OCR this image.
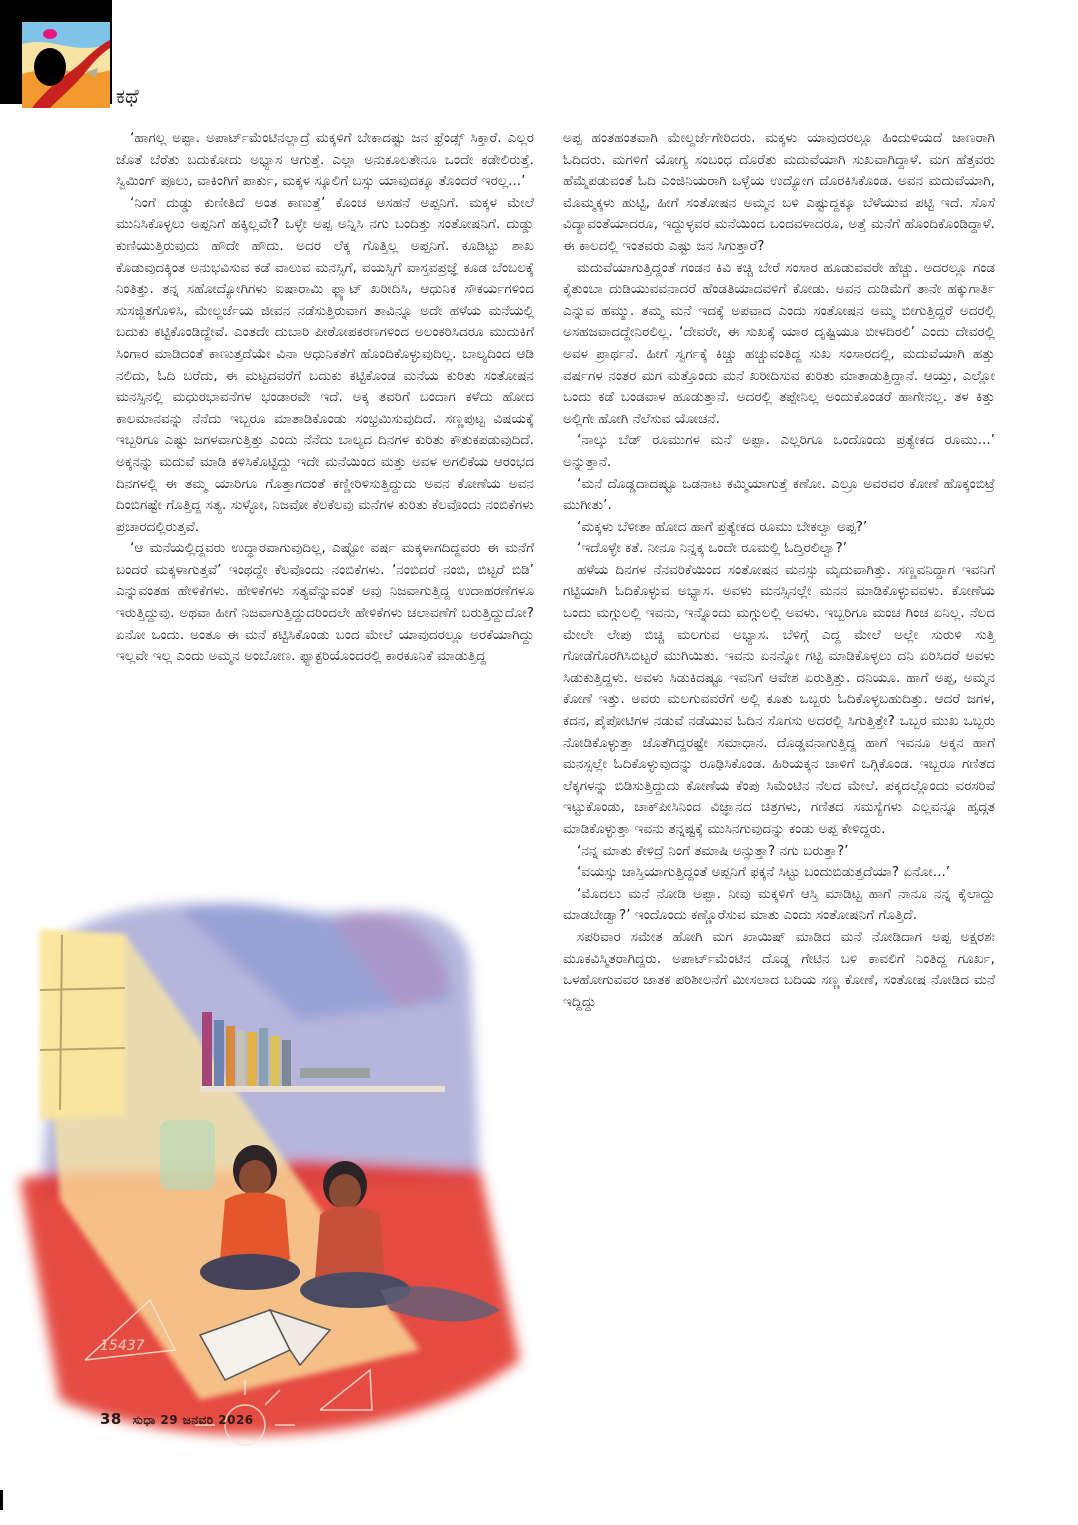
ಕಥೆ

‘ಹಾಗಲ್ಲ ಅಪ್ಪಾ. ಅಪಾರ್ಟ್‌ಮೆಂಟಿನಲ್ಲಾದ್ರೆ ಮಕ್ಕಳಿಗೆ ಬೇಕಾದಷ್ಟು ಜನ ಫ್ರೆಂಡ್ಸ್ ಸಿಕ್ತಾರೆ. ಎಲ್ಲರ ಜೊತೆ ಬೆರೆತು ಬದುಕೋದು ಅಭ್ಯಾಸ ಆಗುತ್ತೆ. ಎಲ್ಲಾ ಅನುಕೂಲತೇನೂ ಒಂದೇ ಕಡೇಲಿರುತ್ತೆ. ಸ್ವಿಮಿಂಗ್ ಪೂಲು, ವಾಕಿಂಗಿಗೆ ಪಾರ್ಕು, ಮಕ್ಕಳ ಸ್ಕೂಲಿಗೆ ಬಸ್ಸು ಯಾವುದಕ್ಕೂ ತೊಂದರೆ ಇರಲ್ಲ...’

‘ನಿಂಗೆ ದುಡ್ಡು ಕುಣೀತಿದೆ ಅಂತ ಕಾಣುತ್ತೆ’ ಕೊಂಚ ಅಸಹನೆ ಅಪ್ಪನಿಗೆ. ಮಕ್ಕಳ ಮೇಲೆ ಮುನಿಸಿಕೊಳ್ಳಲು ಅಪ್ಪನಿಗೆ ಹಕ್ಕಿಲ್ಲವೇ? ಒಳ್ಳೇ ಅಪ್ಪ ಅನ್ನಿಸಿ ನಗು ಬಂದಿತ್ತು ಸಂತೋಷನಿಗೆ. ದುಡ್ಡು ಕುಣಿಯುತ್ತಿರುವುದು ಹೌದೇ ಹೌದು. ಅದರ ಲೆಕ್ಕ ಗೊತ್ತಿಲ್ಲ ಅಪ್ಪನಿಗೆ. ಕೂಡಿಟ್ಟು ಶಾಖ ಕೊಡುವುದಕ್ಕಿಂತ ಅನುಭವಿಸುವ ಕಡೆ ವಾಲುವ ಮನಸ್ಸಿಗೆ, ವಯಸ್ಸಿಗೆ ವಾಸ್ತವಪ್ರಜ್ಞೆ ಕೂಡ ಬೆಂಬಲಕ್ಕೆ ನಿಂತಿತ್ತು. ತನ್ನ ಸಹೋದ್ಯೋಗಿಗಳು ಐಷಾರಾಮಿ ಫ್ಲ್ಯಾಟ್ ಖರೀದಿಸಿ, ಆಧುನಿಕ ಸೌಕರ್ಯಗಳಿಂದ ಸುಸಜ್ಜಿತಗೊಳಿಸಿ, ಮೇಲ್ದರ್ಜೆಯ ಜೀವನ ನಡೆಸುತ್ತಿರುವಾಗ ತಾವಿನ್ನೂ ಅದೇ ಹಳೆಯ ಮನೆಯಲ್ಲಿ ಬದುಕು ಕಟ್ಟಿಕೊಂಡಿದ್ದೇವೆ. ಎಂತದೇ ದುಬಾರಿ ಪೀಠೋಪಕರಣಗಳಿಂದ ಅಲಂಕರಿಸಿದರೂ ಮುದುಕಿಗೆ ಸಿಂಗಾರ ಮಾಡಿದಂತೆ ಕಾಣುತ್ತದೆಯೇ ವಿನಾ ಆಧುನಿಕತೆಗೆ ಹೊಂದಿಕೊಳ್ಳುವುದಿಲ್ಲ. ಬಾಲ್ಯದಿಂದ ಆಡಿ ನಲಿದು, ಓದಿ ಬರೆದು, ಈ ಮಟ್ಟದವರೆಗೆ ಬದುಕು ಕಟ್ಟಿಕೊಂಡ ಮನೆಯ ಕುರಿತು ಸಂತೋಷನ ಮನಸ್ಸಿನಲ್ಲಿ ಮಧುರಭಾವನೆಗಳ ಭಂಡಾರವೇ ಇದೆ. ಅಕ್ಕ ತವರಿಗೆ ಬಂದಾಗ ಕಳೆದು ಹೋದ ಕಾಲಮಾನವನ್ನು ನೆನೆದು ಇಬ್ಬರೂ ಮಾತಾಡಿಕೊಂಡು ಸಂಭ್ರಮಿಸುವುದಿದೆ. ಸಣ್ಣಪುಟ್ಟ ವಿಷಯಕ್ಕೆ ಇಬ್ಬರಿಗೂ ಎಷ್ಟು ಜಗಳವಾಗುತ್ತಿತ್ತು ಎಂದು ನೆನೆದು ಬಾಲ್ಯದ ದಿನಗಳ ಕುರಿತು ಕೌತುಕಪಡುವುದಿದೆ. ಅಕ್ಕನನ್ನು ಮದುವೆ ಮಾಡಿ ಕಳಿಸಿಕೊಟ್ಟಿದ್ದು ಇದೇ ಮನೆಯಿಂದ ಮತ್ತು ಅವಳ ಅಗಲಿಕೆಯ ಆರಂಭದ ದಿನಗಳಲ್ಲಿ ಈ ತಮ್ಮ ಯಾರಿಗೂ ಗೊತ್ತಾಗದಂತೆ ಕಣ್ಣೀರಿಳಿಸುತ್ತಿದ್ದುದು ಅವನ ಕೋಣೆಯ ಅವನ ದಿಂಬಿಗಷ್ಟೇ ಗೊತ್ತಿದ್ದ ಸತ್ಯ. ಸುಳ್ಳೋ, ನಿಜವೋ ಕೆಲಕೆಲವು ಮನೆಗಳ ಕುರಿತು ಕೆಲವೊಂದು ನಂಬಿಕೆಗಳು ಪ್ರಚಾರದಲ್ಲಿರುತ್ತವೆ.

‘ಆ ಮನೆಯಲ್ಲಿದ್ದವರು ಉದ್ಧಾರವಾಗುವುದಿಲ್ಲ, ಎಷ್ಟೋ ವರ್ಷ ಮಕ್ಕಳಾಗದಿದ್ದವರು ಈ ಮನೆಗೆ ಬಂದರೆ ಮಕ್ಕಳಾಗುತ್ತವೆ’ ಇಂಥದ್ದೇ ಕೆಲವೊಂದು ನಂಬಿಕೆಗಳು. ‘ನಂಬಿದರೆ ನಂಬಿ, ಬಿಟ್ಟರೆ ಬಿಡಿ’ ಎನ್ನುವಂತಹ ಹೇಳಿಕೆಗಳು. ಹೇಳಿಕೆಗಳು ಸತ್ಯವೆನ್ನುವಂತೆ ಅವು ನಿಜವಾಗುತ್ತಿದ್ದ ಉದಾಹರಣೆಗಳೂ ಇರುತ್ತಿದ್ದುವು. ಅಥವಾ ಹೀಗೆ ನಿಜವಾಗುತ್ತಿದ್ದುದರಿಂದಲೇ ಹೇಳಿಕೆಗಳು ಚಲಾವಣೆಗೆ ಬರುತ್ತಿದ್ದುದೋ? ಏನೋ ಒಂದು. ಅಂತೂ ಈ ಮನೆ ಕಟ್ಟಿಸಿಕೊಂಡು ಬಂದ ಮೇಲೆ ಯಾವುದರಲ್ಲೂ ಅರಕೆಯಾಗಿದ್ದು ಇಲ್ಲವೇ ಇಲ್ಲ ಎಂದು ಅಮ್ಮನ ಅಂಬೋಣ. ಫ್ಯಾಕ್ಟರಿಯೊಂದರಲ್ಲಿ ಕಾರಕೂನಿಕೆ ಮಾಡುತ್ತಿದ್ದ

ಅಪ್ಪ ಹಂತಹಂತವಾಗಿ ಮೇಲ್ದರ್ಜೆಗೇರಿದರು. ಮಕ್ಕಳು ಯಾವುದರಲ್ಲೂ ಹಿಂದುಳಿಯದೆ ಜಾಣರಾಗಿ ಓದಿದರು. ಮಗಳಿಗೆ ಯೋಗ್ಯ ಸಂಬಂಧ ದೊರೆತು ಮದುವೆಯಾಗಿ ಸುಖವಾಗಿದ್ದಾಳೆ. ಮಗ ಹೆತ್ತವರು ಹೆಮ್ಮೆಪಡುವಂತೆ ಓದಿ ಎಂಜಿನಿಯರಾಗಿ ಒಳ್ಳೆಯ ಉದ್ಯೋಗ ದೊರಕಿಸಿಕೊಂಡ. ಅವನ ಮದುವೆಯಾಗಿ, ಮೊಮ್ಮಕ್ಕಳು ಹುಟ್ಟಿ, ಹೀಗೆ ಸಂತೋಷನ ಅಮ್ಮನ ಬಳಿ ಎಷ್ಟುದ್ದಕ್ಕೂ ಬೆಳೆಯುವ ಪಟ್ಟಿ ಇದೆ. ಸೊಸೆ ವಿದ್ಯಾವಂತೆಯಾದರೂ, ಇದ್ದುಳ್ಳವರ ಮನೆಯಿಂದ ಬಂದವಳಾದರೂ, ಅತ್ತೆ ಮನೆಗೆ ಹೊಂದಿಕೊಂಡಿದ್ದಾಳೆ. ಈ ಕಾಲದಲ್ಲಿ ಇಂತವರು ಎಷ್ಟು ಜನ ಸಿಗುತ್ತಾರೆ?

ಮದುವೆಯಾಗುತ್ತಿದ್ದಂತೆ ಗಂಡನ ಕಿವಿ ಕಚ್ಚಿ ಬೇರೆ ಸಂಸಾರ ಹೂಡುವವರೇ ಹೆಚ್ಚು. ಅದರಲ್ಲೂ ಗಂಡ ಕೈತುಂಬಾ ದುಡಿಯುವವನಾದರೆ ಹೆಂಡತಿಯಾದವಳಿಗೆ ಕೋಡು. ಅವನ ದುಡಿಮೆಗೆ ತಾನೇ ಹಕ್ಕುಗಾರ್ತಿ ಎನ್ನುವ ಹಮ್ಮು. ತಮ್ಮ ಮನೆ ಇದಕ್ಕೆ ಅಪವಾದ ಎಂದು ಸಂತೋಷನ ಅಮ್ಮ ಬೀಗುತ್ತಿದ್ದರೆ ಅದರಲ್ಲಿ ಅಸಹಜವಾದದ್ದೇನಿರಲಿಲ್ಲ. ‘ದೇವರೇ, ಈ ಸುಖಕ್ಕೆ ಯಾರ ದೃಷ್ಟಿಯೂ ಬೀಳದಿರಲಿ’ ಎಂದು ದೇವರಲ್ಲಿ ಅವಳ ಪ್ರಾರ್ಥನೆ. ಹೀಗೆ ಸ್ವರ್ಗಕ್ಕೆ ಕಿಚ್ಚು ಹಚ್ಚುವಂತಿದ್ದ ಸುಖ ಸಂಸಾರದಲ್ಲಿ, ಮದುವೆಯಾಗಿ ಹತ್ತು ವರ್ಷಗಳ ನಂತರ ಮಗ ಮತ್ತೊಂದು ಮನೆ ಖರೀದಿಸುವ ಕುರಿತು ಮಾತಾಡುತ್ತಿದ್ದಾನೆ. ಆಯ್ತು, ಎಲ್ಲೋ ಒಂದು ಕಡೆ ಬಂಡವಾಳ ಹೂಡುತ್ತಾನೆ. ಅದರಲ್ಲಿ ತಪ್ಪೇನಿಲ್ಲ ಅಂದುಕೊಂಡರೆ ಹಾಗೇನಲ್ಲ. ತಳ ಕಿತ್ತು ಅಲ್ಲಿಗೇ ಹೋಗಿ ನೆಲೆಸುವ ಯೋಚನೆ.

‘ನಾಲ್ಕು ಬೆಡ್ ರೂಮುಗಳ ಮನೆ ಅಪ್ಪಾ. ಎಲ್ಲರಿಗೂ ಒಂದೊಂದು ಪ್ರತ್ಯೇಕದ ರೂಮು...’ ಅನ್ನುತ್ತಾನೆ.

‘ಮನೆ ದೊಡ್ಡದಾದಷ್ಟೂ ಒಡನಾಟ ಕಮ್ಮಿಯಾಗುತ್ತೆ ಕಣೋ. ಎಲ್ರೂ ಅವರವರ ಕೋಣೆ ಹೊಕ್ಕಂಬಿಟ್ರೆ ಮುಗೀತು’.

‘ಮಕ್ಕಳು ಬೆಳೀತಾ ಹೋದ ಹಾಗೆ ಪ್ರತ್ಯೇಕದ ರೂಮು ಬೇಕಲ್ವಾ ಅಪ್ಪ?’

‘ಇದೊಳ್ಳೇ ಕತೆ. ನೀನೂ ನಿನ್ನಕ್ಕ ಒಂದೇ ರೂಮಲ್ಲಿ ಓದ್ತಿರಲಿಲ್ವಾ?’

ಹಳೆಯ ದಿನಗಳ ನೆನವರಿಕೆಯಿಂದ ಸಂತೋಷನ ಮನಸ್ಸು ಮೃದುವಾಗಿತ್ತು. ಸಣ್ಣವನಿದ್ದಾಗ ಇವನಿಗೆ ಗಟ್ಟಿಯಾಗಿ ಓದಿಕೊಳ್ಳುವ ಅಭ್ಯಾಸ. ಅವಳು ಮನಸ್ಸಿನಲ್ಲೇ ಮನನ ಮಾಡಿಕೊಳ್ಳುವವಳು. ಕೋಣೆಯ ಒಂದು ಮಗ್ಗುಲಲ್ಲಿ ಇವನು, ಇನ್ನೊಂದು ಮಗ್ಗುಲಲ್ಲಿ ಅವಳು. ಇಬ್ಬರಿಗೂ ಮಂಚ ಗಿಂಚ ಏನಿಲ್ಲ. ನೆಲದ ಮೇಲೇ ಲೇಪು ಬಿಚ್ಚಿ ಮಲಗುವ ಅಭ್ಯಾಸ. ಬೆಳಿಗ್ಗೆ ಎದ್ದ ಮೇಲೆ ಅಲ್ಲೇ ಸುರುಳಿ ಸುತ್ತಿ ಗೋಡೆಗೊರಗಿಸಿಬಿಟ್ಟರೆ ಮುಗಿಯಿತು. ಇವನು ಏನನ್ನೋ ಗಟ್ಟಿ ಮಾಡಿಕೊಳ್ಳಲು ದನಿ ಏರಿಸಿದರೆ ಅವಳು ಸಿಡುಕುತ್ತಿದ್ದಳು. ಅವಳು ಸಿಡುಕಿದಷ್ಟೂ ಇವನಿಗೆ ಆವೇಶ ಏರುತ್ತಿತ್ತು. ದನಿಯೂ. ಹಾಗೆ ಅಪ್ಪ, ಅಮ್ಮನ ಕೋಣೆ ಇತ್ತು. ಅವರು ಮಲಗುವವರೆಗೆ ಅಲ್ಲಿ ಕೂತು ಒಬ್ಬರು ಓದಿಕೊಳ್ಳಬಹುದಿತ್ತು. ಆದರೆ ಜಗಳ, ಕದನ, ಪೈಪೋಟಿಗಳ ನಡುವೆ ನಡೆಯುವ ಓದಿನ ಸೊಗಸು ಅದರಲ್ಲಿ ಸಿಗುತ್ತಿತ್ತೇ? ಒಬ್ಬರ ಮುಖ ಒಬ್ಬರು ನೋಡಿಕೊಳ್ಳುತ್ತಾ ಜೊತೆಗಿದ್ದರಷ್ಟೇ ಸಮಾಧಾನ. ದೊಡ್ಡವನಾಗುತ್ತಿದ್ದ ಹಾಗೆ ಇವನೂ ಅಕ್ಕನ ಹಾಗೆ ಮನಸ್ಸಲ್ಲೇ ಓದಿಕೊಳ್ಳುವುದನ್ನು ರೂಢಿಸಿಕೊಂಡ. ಹಿರಿಯಕ್ಕನ ಚಾಳಿಗೆ ಒಗ್ಗಿಕೊಂಡ. ಇಬ್ಬರೂ ಗಣಿತದ ಲೆಕ್ಕಗಳನ್ನು ಬಿಡಿಸುತ್ತಿದ್ದುದು ಕೋಣೆಯ ಕೆಂಪು ಸಿಮೆಂಟಿನ ನೆಲದ ಮೇಲೆ. ಪಕ್ಕದಲ್ಲೊಂದು ವರಸರಿವೆ ಇಟ್ಟುಕೊಂಡು, ಚಾಕ್‌ಪೀಸಿನಿಂದ ವಿಜ್ಞಾನದ ಚಿತ್ರಗಳು, ಗಣಿತದ ಸಮಸ್ಯೆಗಳು ಎಲ್ಲವನ್ನೂ ಹೃದ್ಗತ ಮಾಡಿಕೊಳ್ಳುತ್ತಾ ಇವನು ತನ್ನಷ್ಟಕ್ಕೆ ಮುಸಿನಗುವುದನ್ನು ಕಂಡು ಅಪ್ಪ ಕೇಳಿದ್ದರು.

‘ನನ್ನ ಮಾತು ಕೇಳಿದ್ರೆ ನಿಂಗೆ ತಮಾಷಿ ಅನ್ಸುತ್ತಾ? ನಗು ಬರುತ್ತಾ?’

‘ವಯಸ್ಸು ಜಾಸ್ತಿಯಾಗುತ್ತಿದ್ದಂತೆ ಅಪ್ಪನಿಗೆ ಫಕ್ಕನೆ ಸಿಟ್ಟು ಬಂದುಬಿಡುತ್ತದೆಯಾ? ಏನೋ...’

‘ಮೊದಲು ಮನೆ ನೋಡಿ ಅಪ್ಪಾ. ನೀವು ಮಕ್ಕಳಿಗೆ ಆಸ್ತಿ ಮಾಡಿಟ್ಟ ಹಾಗೆ ನಾನೂ ನನ್ನ ಕೈಲಾದ್ದು ಮಾಡಬೇಡ್ವಾ?’ ಇಂದೊಂದು ಕಣ್ಣೊರೆಸುವ ಮಾತು ಎಂದು ಸಂತೋಷನಿಗೆ ಗೊತ್ತಿದೆ.

ಸಪರಿವಾರ ಸಮೇತ ಹೋಗಿ ಮಗ ಖಾಯಿಷ್ ಮಾಡಿದ ಮನೆ ನೋಡಿದಾಗ ಅಪ್ಪ ಅಕ್ಷರಶಃ ಮೂಕವಿಸ್ಮಿತರಾಗಿದ್ದರು. ಅಪಾರ್ಟ್‌ಮೆಂಟಿನ ದೊಡ್ಡ ಗೇಟಿನ ಬಳಿ ಕಾವಲಿಗೆ ನಿಂತಿದ್ದ ಗೂರ್ಖ, ಒಳಹೋಗುವವರ ಜಾತಕ ಪರಿಶೀಲನೆಗೆ ಮೀಸಲಾದ ಬದಿಯ ಸಣ್ಣ ಕೋಣೆ, ಸಂತೋಷ ನೋಡಿದ ಮನೆ ಇದ್ದಿದ್ದು

15437
38 ಸುಧಾ 29 ಜನವರಿ 2026
